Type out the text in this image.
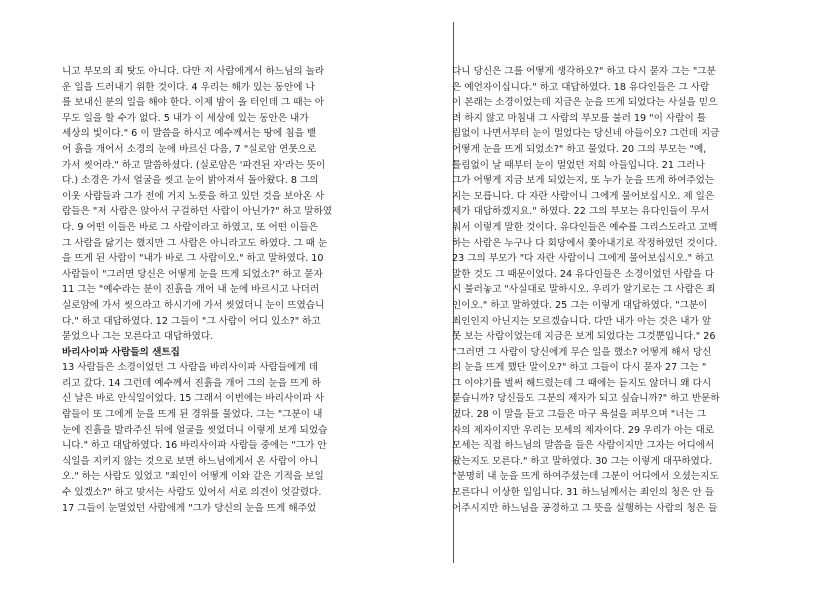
니고 부모의 죄 탓도 아니다. 다만 저 사람에게서 하느님의 놀라
운 일을 드러내기 위한 것이다. 4 우리는 해가 있는 동안에 나
를 보내신 분의 일을 해야 한다. 이제 밤이 올 터인데 그 때는 아
무도 일을 할 수가 없다. 5 내가 이 세상에 있는 동안은 내가
세상의 빛이다." 6 이 말씀을 하시고 예수께서는 땅에 침을 뱉
어 흙을 개어서 소경의 눈에 바르신 다음, 7 "실로암 연못으로
가서 씻어라." 하고 말씀하셨다. (실로암은 '파견된 자'라는 뜻이
다.) 소경은 가서 얼굴을 씻고 눈이 밝아져서 돌아왔다. 8 그의
이웃 사람들과 그가 전에 거지 노릇을 하고 있던 것을 보아온 사
람들은 "저 사람은 앉아서 구걸하던 사람이 아닌가?" 하고 말하였
다. 9 어떤 이들은 바로 그 사람이라고 하였고, 또 어떤 이들은
그 사람을 닮기는 했지만 그 사람은 아니라고도 하였다. 그 때 눈
을 뜨게 된 사람이 "내가 바로 그 사람이오." 하고 말하였다. 10
사람들이 "그러면 당신은 어떻게 눈을 뜨게 되었소?" 하고 묻자
11 그는 "예수라는 분이 진흙을 개어 내 눈에 바르시고 나더러
실로암에 가서 씻으라고 하시기에 가서 씻었더니 눈이 뜨였습니
다." 하고 대답하였다. 12 그들이 "그 사람이 어디 있소?" 하고
묻었으나 그는 모른다고 대답하였다.
바리사이파 사람들의 샌트집
13 사람들은 소경이었던 그 사람을 바리사이파 사람들에게 데
리고 갔다. 14 그런데 예수께서 진흙을 개어 그의 눈을 뜨게 하
신 날은 바로 안식일이었다. 15 그래서 이번에는 바리사이파 사
람들이 또 그에게 눈을 뜨게 된 경위를 물었다. 그는 "그분이 내
눈에 진흙을 발라주신 뒤에 얼굴을 씻었더니 이렇게 보게 되었습
니다." 하고 대답하였다. 16 바리사이파 사람들 중에는 "그가 안
식일을 지키지 않는 것으로 보면 하느님에게서 온 사람이 아니
오." 하는 사람도 있었고 "죄인이 어떻게 이와 같은 기적을 보일
수 있겠소?" 하고 맞서는 사람도 있어서 서로 의견이 엇갈렸다.
17 그들이 눈멀었던 사람에게 "그가 당신의 눈을 뜨게 해주었
다니 당신은 그를 어떻게 생각하오?" 하고 다시 묻자 그는 "그분
은 예언자이십니다." 하고 대답하였다. 18 유다인들은 그 사람
이 본래는 소경이었는데 지금은 눈을 뜨게 되었다는 사실을 믿으
려 하지 않고 마침내 그 사람의 부모를 불러 19 "이 사람이 틀
림없이 나면서부터 눈이 멀었다는 당신네 아들이오? 그런데 지금
어떻게 눈을 뜨게 되었소?" 하고 물었다. 20 그의 부모는 "예,
틀림없이 날 때부터 눈이 멀었던 저희 아들입니다. 21 그러나
그가 어떻게 지금 보게 되었는지, 또 누가 눈을 뜨게 하여주었는
지는 모릅니다. 다 자란 사람이니 그에게 물어보십시오. 제 일은
제가 대답하겠지요." 하였다. 22 그의 부모는 유다인들이 무서
워서 이렇게 말한 것이다. 유다인들은 예수를 그리스도라고 고백
하는 사람은 누구나 다 회당에서 쫓아내기로 작정하였던 것이다.
23 그의 부모가 "다 자란 사람이니 그에게 물어보십시오." 하고
말한 것도 그 때문이었다. 24 유다인들은 소경이었던 사람을 다
시 불러놓고 "사실대로 말하시오. 우리가 알기로는 그 사람은 죄
인이오." 하고 말하였다. 25 그는 이렇게 대답하였다. "그분이
죄인인지 아닌지는 모르겠습니다. 다만 내가 아는 것은 내가 앞
못 보는 사람이었는데 지금은 보게 되었다는 그것뿐입니다." 26
"그러면 그 사람이 당신에게 무슨 일을 했소? 어떻게 해서 당신
의 눈을 뜨게 했단 말이오?" 하고 그들이 다시 묻자 27 그는 "
그 이야기를 벌써 해드렸는데 그 때에는 듣지도 않더니 왜 다시
묻습니까? 당신들도 그분의 제자가 되고 싶습니까?" 하고 반문하
였다. 28 이 말을 듣고 그들은 마구 욕설을 퍼부으며 "너는 그
자의 제자이지만 우리는 모세의 제자이다. 29 우리가 아는 대로
모세는 직접 하느님의 말씀을 들은 사람이지만 그자는 어디에서
왔는지도 모른다." 하고 말하였다. 30 그는 이렇게 대꾸하였다.
"분명히 내 눈을 뜨게 하여주셨는데 그분이 어디에서 오셨는지도
모른다니 이상한 일입니다. 31 하느님께서는 죄인의 청은 안 들
어주시지만 하느님을 공경하고 그 뜻을 실행하는 사람의 청은 들
